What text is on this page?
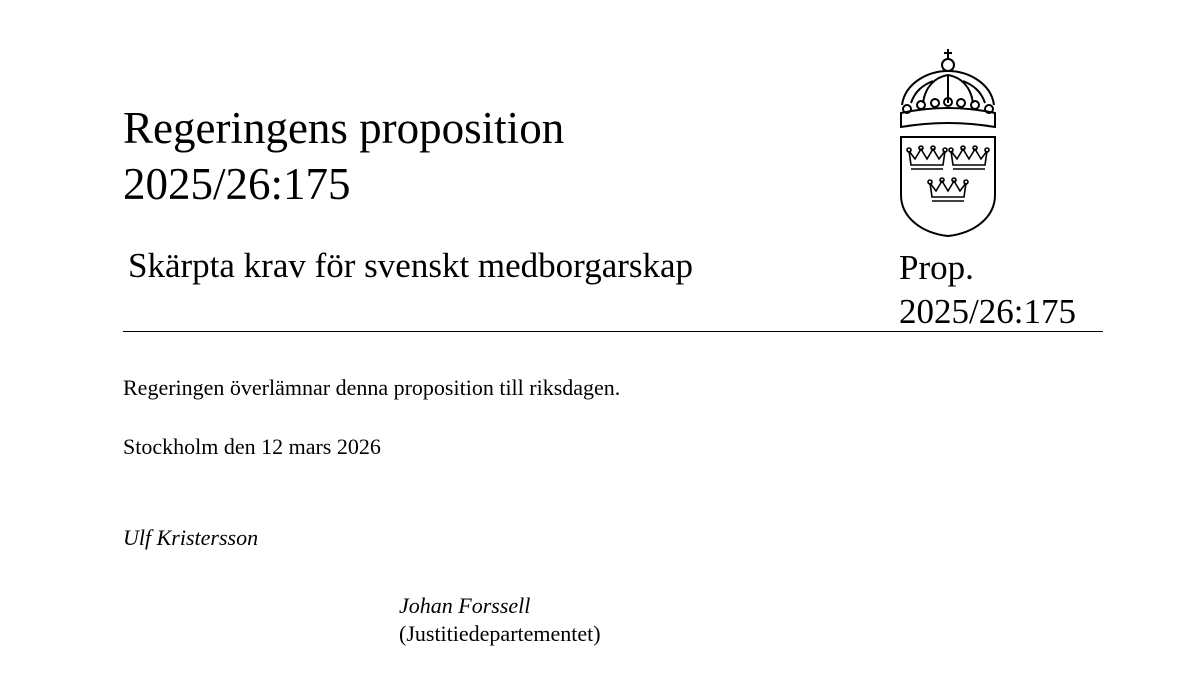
Regeringens proposition
2025/26:175
Skärpta krav för svenskt medborgarskap	Prop.
2025/26:175

Regeringen överlämnar denna proposition till riksdagen.

Stockholm den 12 mars 2026

Ulf Kristersson

Johan Forssell
(Justitiedepartementet)
